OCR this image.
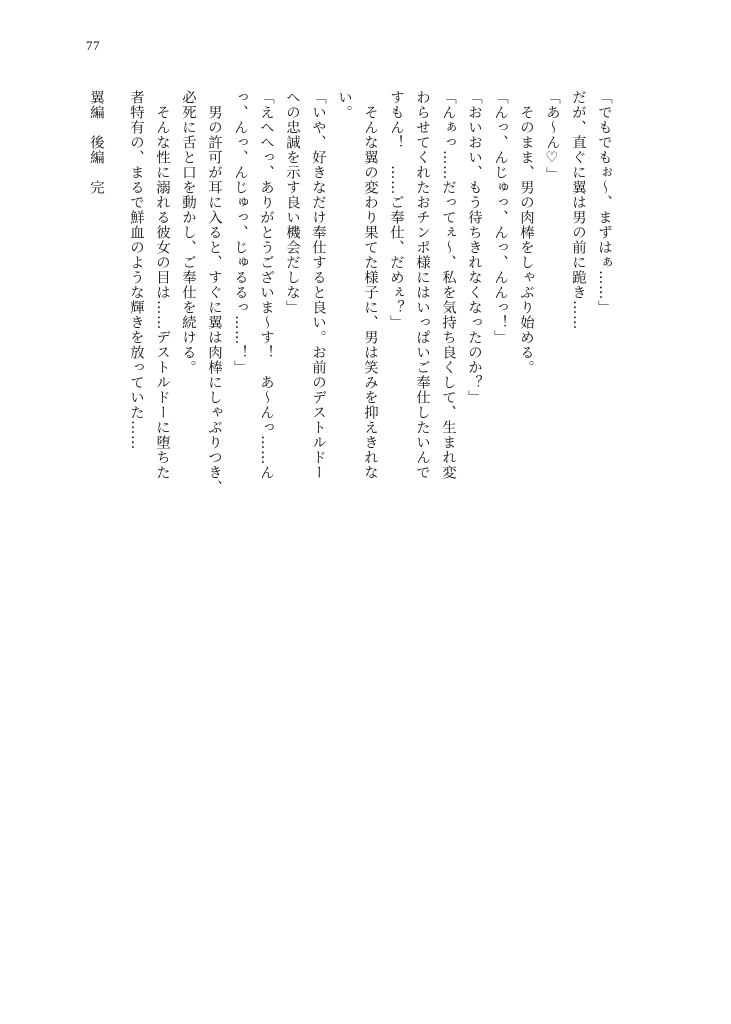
77
「でもでもぉ～、まずはぁ……」
だが、直ぐに翼は男の前に跪き……
「あ～ん♡」
　そのまま、男の肉棒をしゃぶり始める。
「んっ、んじゅっ、んっ、んんっ！」
「おいおい、もう待ちきれなくなったのか？」
「んぁっ……だってぇ～、私を気持ち良くして、生まれ変
わらせてくれたおチンポ様にはいっぱいご奉仕したいんで
すもん！　……ご奉仕、だめぇ？」
　そんな翼の変わり果てた様子に、男は笑みを抑えきれな
い。
「いや、好きなだけ奉仕すると良い。お前のデストルドー
への忠誠を示す良い機会だしな」
「えへへっ、ありがとうございま～す！　あ～んっ……ん
っ、んっ、んじゅっ、じゅるるっ……！」
　男の許可が耳に入ると、すぐに翼は肉棒にしゃぶりつき、
必死に舌と口を動かし、ご奉仕を続ける。
　そんな性に溺れる彼女の目は……デストルドーに堕ちた
者特有の、まるで鮮血のような輝きを放っていた……
翼編　後編　完
